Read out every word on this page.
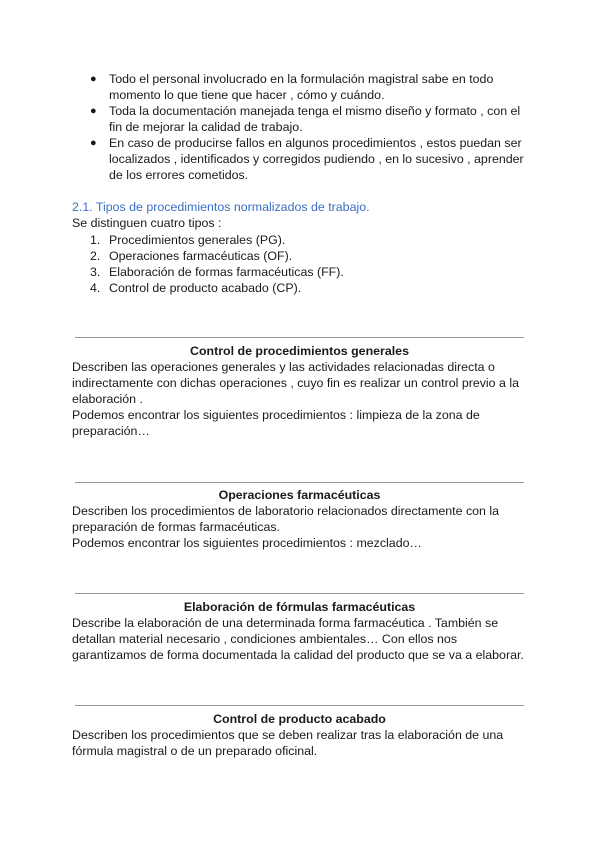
● Todo el personal involucrado en la formulación magistral sabe en todo momento lo que tiene que hacer , cómo y cuándo.
● Toda la documentación manejada tenga el mismo diseño y formato , con el fin de mejorar la calidad de trabajo.
● En caso de producirse fallos en algunos procedimientos , estos puedan ser localizados , identificados y corregidos pudiendo , en lo sucesivo , aprender de los errores cometidos.
2.1. Tipos de procedimientos normalizados de trabajo.
Se distinguen cuatro tipos :
1. Procedimientos generales (PG).
2. Operaciones farmacéuticas (OF).
3. Elaboración de formas farmacéuticas (FF).
4. Control de producto acabado (CP).
Control de procedimientos generales

Describen las operaciones generales y las actividades relacionadas directa o indirectamente con dichas operaciones , cuyo fin es realizar un control previo a la elaboración .

Podemos encontrar los siguientes procedimientos : limpieza de la zona de preparación…

Operaciones farmacéuticas

Describen los procedimientos de laboratorio relacionados directamente con la preparación de formas farmacéuticas.

Podemos encontrar los siguientes procedimientos : mezclado…

Elaboración de fórmulas farmacéuticas

Describe la elaboración de una determinada forma farmacéutica . También se detallan material necesario , condiciones ambientales… Con ellos nos garantizamos de forma documentada la calidad del producto que se va a elaborar.

Control de producto acabado

Describen los procedimientos que se deben realizar tras la elaboración de una fórmula magistral o de un preparado oficinal.
